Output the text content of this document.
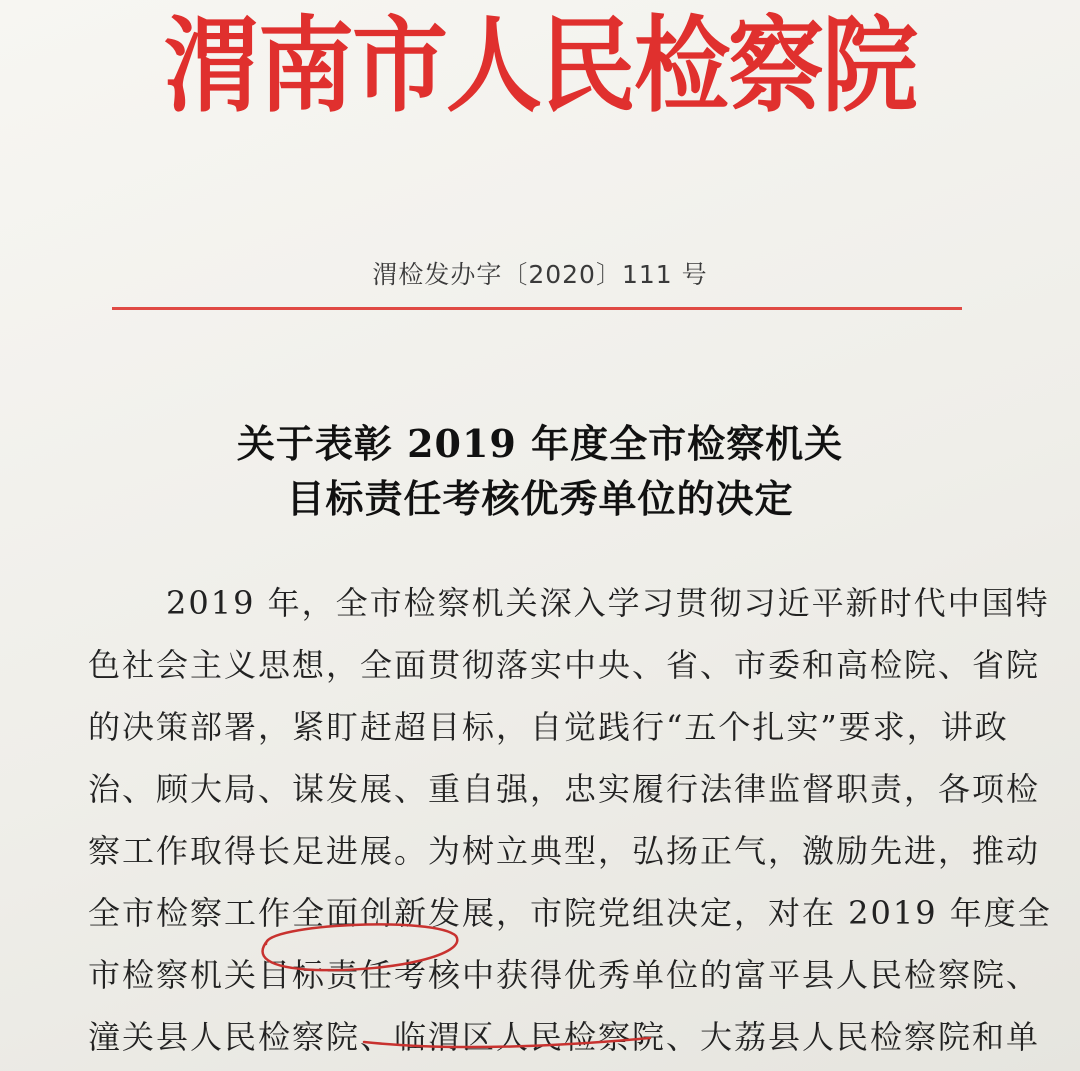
渭南市人民检察院
渭检发办字〔2020〕111 号
关于表彰 2019 年度全市检察机关
目标责任考核优秀单位的决定
2019 年，全市检察机关深入学习贯彻习近平新时代中国特
色社会主义思想，全面贯彻落实中央、省、市委和高检院、省院
的决策部署，紧盯赶超目标，自觉践行“五个扎实”要求，讲政
治、顾大局、谋发展、重自强，忠实履行法律监督职责，各项检
察工作取得长足进展。为树立典型，弘扬正气，激励先进，推动
全市检察工作全面创新发展，市院党组决定，对在 2019 年度全
市检察机关目标责任考核中获得优秀单位的富平县人民检察院、
潼关县人民检察院、临渭区人民检察院、大荔县人民检察院和单
